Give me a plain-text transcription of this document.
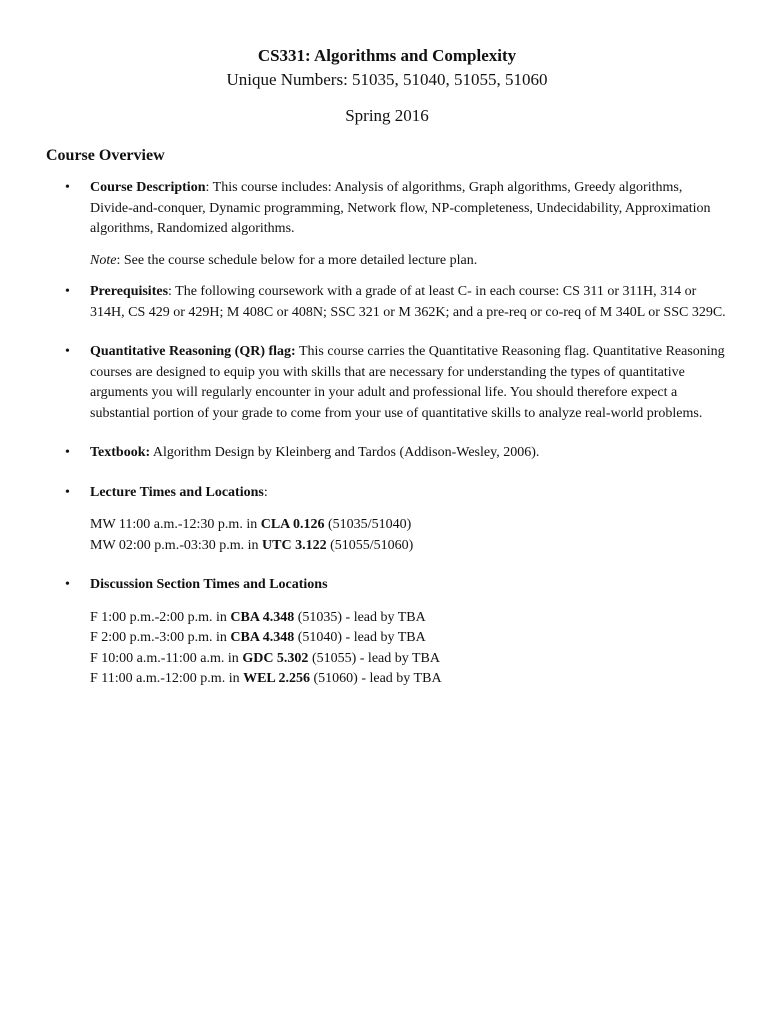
CS331: Algorithms and Complexity
Unique Numbers: 51035, 51040, 51055, 51060
Spring 2016
Course Overview
• Course Description: This course includes: Analysis of algorithms, Graph algorithms, Greedy algorithms, Divide-and-conquer, Dynamic programming, Network flow, NP-completeness, Undecidability, Approximation algorithms, Randomized algorithms.

Note: See the course schedule below for a more detailed lecture plan.

• Prerequisites: The following coursework with a grade of at least C- in each course: CS 311 or 311H, 314 or 314H, CS 429 or 429H; M 408C or 408N; SSC 321 or M 362K; and a pre-req or co-req of M 340L or SSC 329C.

• Quantitative Reasoning (QR) flag: This course carries the Quantitative Reasoning flag. Quantitative Reasoning courses are designed to equip you with skills that are necessary for understanding the types of quantitative arguments you will regularly encounter in your adult and professional life. You should therefore expect a substantial portion of your grade to come from your use of quantitative skills to analyze real-world problems.

• Textbook: Algorithm Design by Kleinberg and Tardos (Addison-Wesley, 2006).

• Lecture Times and Locations:

MW 11:00 a.m.-12:30 p.m. in CLA 0.126 (51035/51040)

MW 02:00 p.m.-03:30 p.m. in UTC 3.122 (51055/51060)

• Discussion Section Times and Locations

F 1:00 p.m.-2:00 p.m. in CBA 4.348 (51035) - lead by TBA

F 2:00 p.m.-3:00 p.m. in CBA 4.348 (51040) - lead by TBA

F 10:00 a.m.-11:00 a.m. in GDC 5.302 (51055) - lead by TBA

F 11:00 a.m.-12:00 p.m. in WEL 2.256 (51060) - lead by TBA
